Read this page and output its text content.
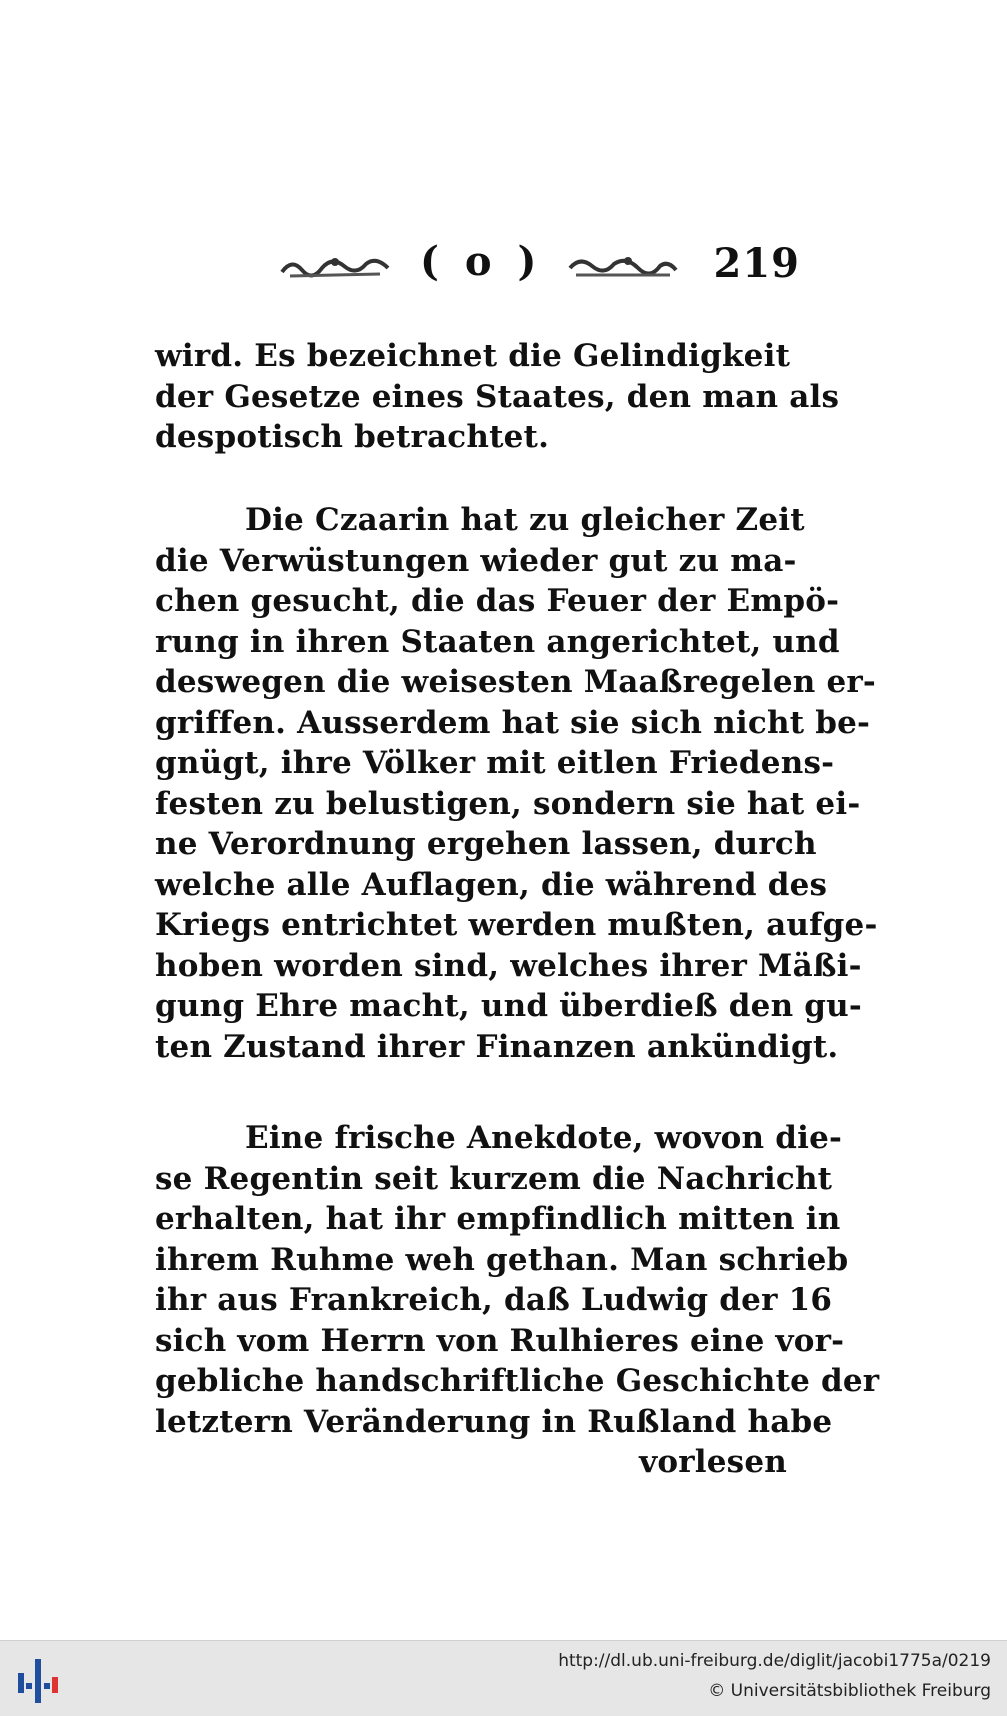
( o )	219
wird. Es bezeichnet die Gelindigkeit
der Gesetze eines Staates, den man als
despotisch betrachtet.
Die Czaarin hat zu gleicher Zeit
die Verwüstungen wieder gut zu ma-
chen gesucht, die das Feuer der Empö-
rung in ihren Staaten angerichtet, und
deswegen die weisesten Maaßregelen er-
griffen. Ausserdem hat sie sich nicht be-
gnügt, ihre Völker mit eitlen Friedens-
festen zu belustigen, sondern sie hat ei-
ne Verordnung ergehen lassen, durch
welche alle Auflagen, die während des
Kriegs entrichtet werden mußten, aufge-
hoben worden sind, welches ihrer Mäßi-
gung Ehre macht, und überdieß den gu-
ten Zustand ihrer Finanzen ankündigt.
Eine frische Anekdote, wovon die-
se Regentin seit kurzem die Nachricht
erhalten, hat ihr empfindlich mitten in
ihrem Ruhme weh gethan. Man schrieb
ihr aus Frankreich, daß Ludwig der 16
sich vom Herrn von Rulhieres eine vor-
gebliche handschriftliche Geschichte der
letztern Veränderung in Rußland habe
vorlesen
http://dl.ub.uni-freiburg.de/diglit/jacobi1775a/0219
© Universitätsbibliothek Freiburg
